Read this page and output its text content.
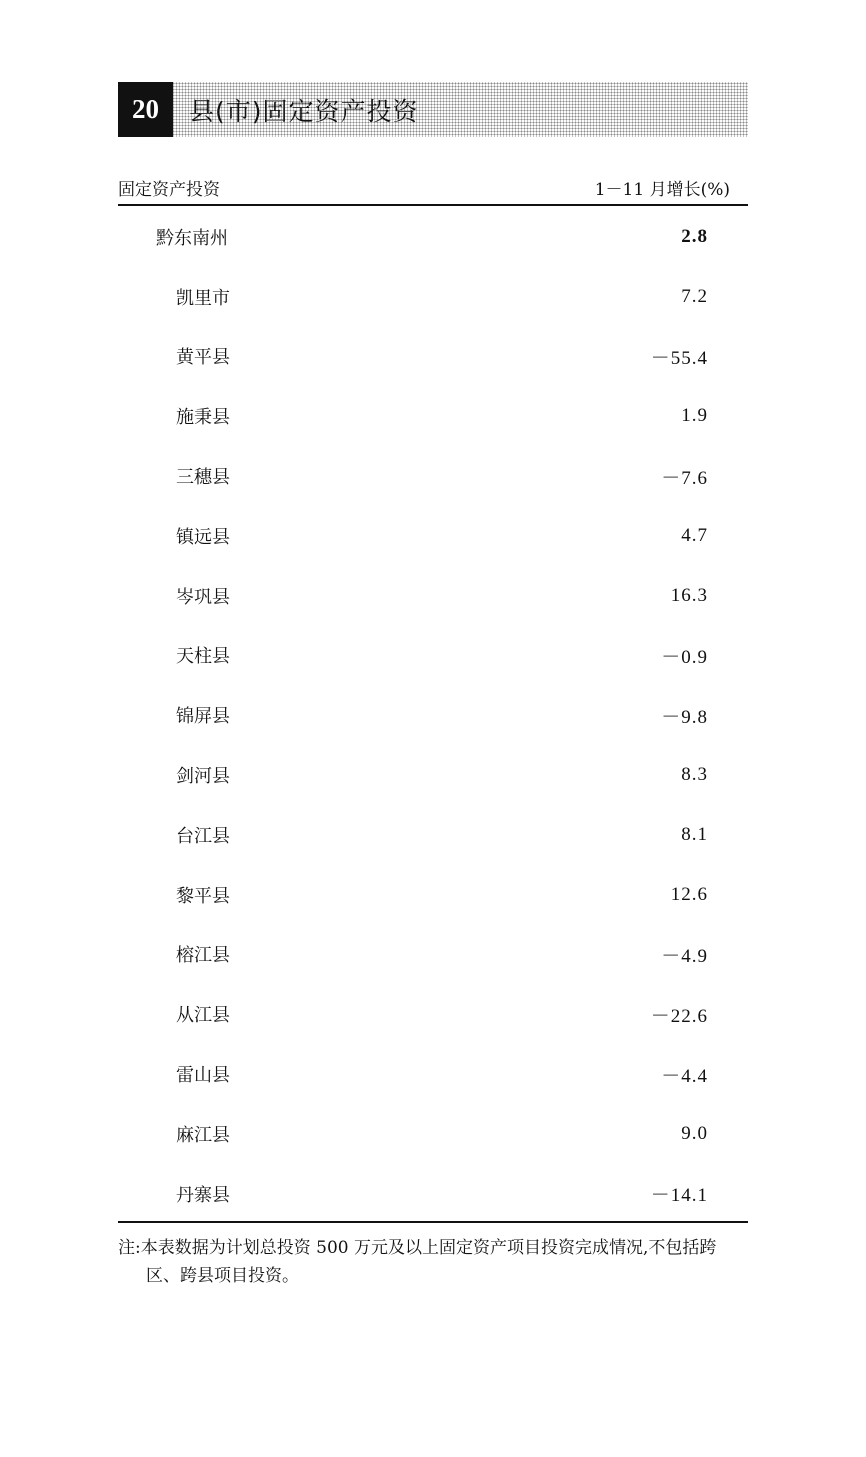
20	县(市)固定资产投资
固定资产投资	1－11 月增长(%)
黔东南州	2.8
凯里市	7.2
黄平县	－55.4
施秉县	1.9
三穗县	－7.6
镇远县	4.7
岑巩县	16.3
天柱县	－0.9
锦屏县	－9.8
剑河县	8.3
台江县	8.1
黎平县	12.6
榕江县	－4.9
从江县	－22.6
雷山县	－4.4
麻江县	9.0
丹寨县	－14.1
注:本表数据为计划总投资 500 万元及以上固定资产项目投资完成情况,不包括跨区、跨县项目投资。
